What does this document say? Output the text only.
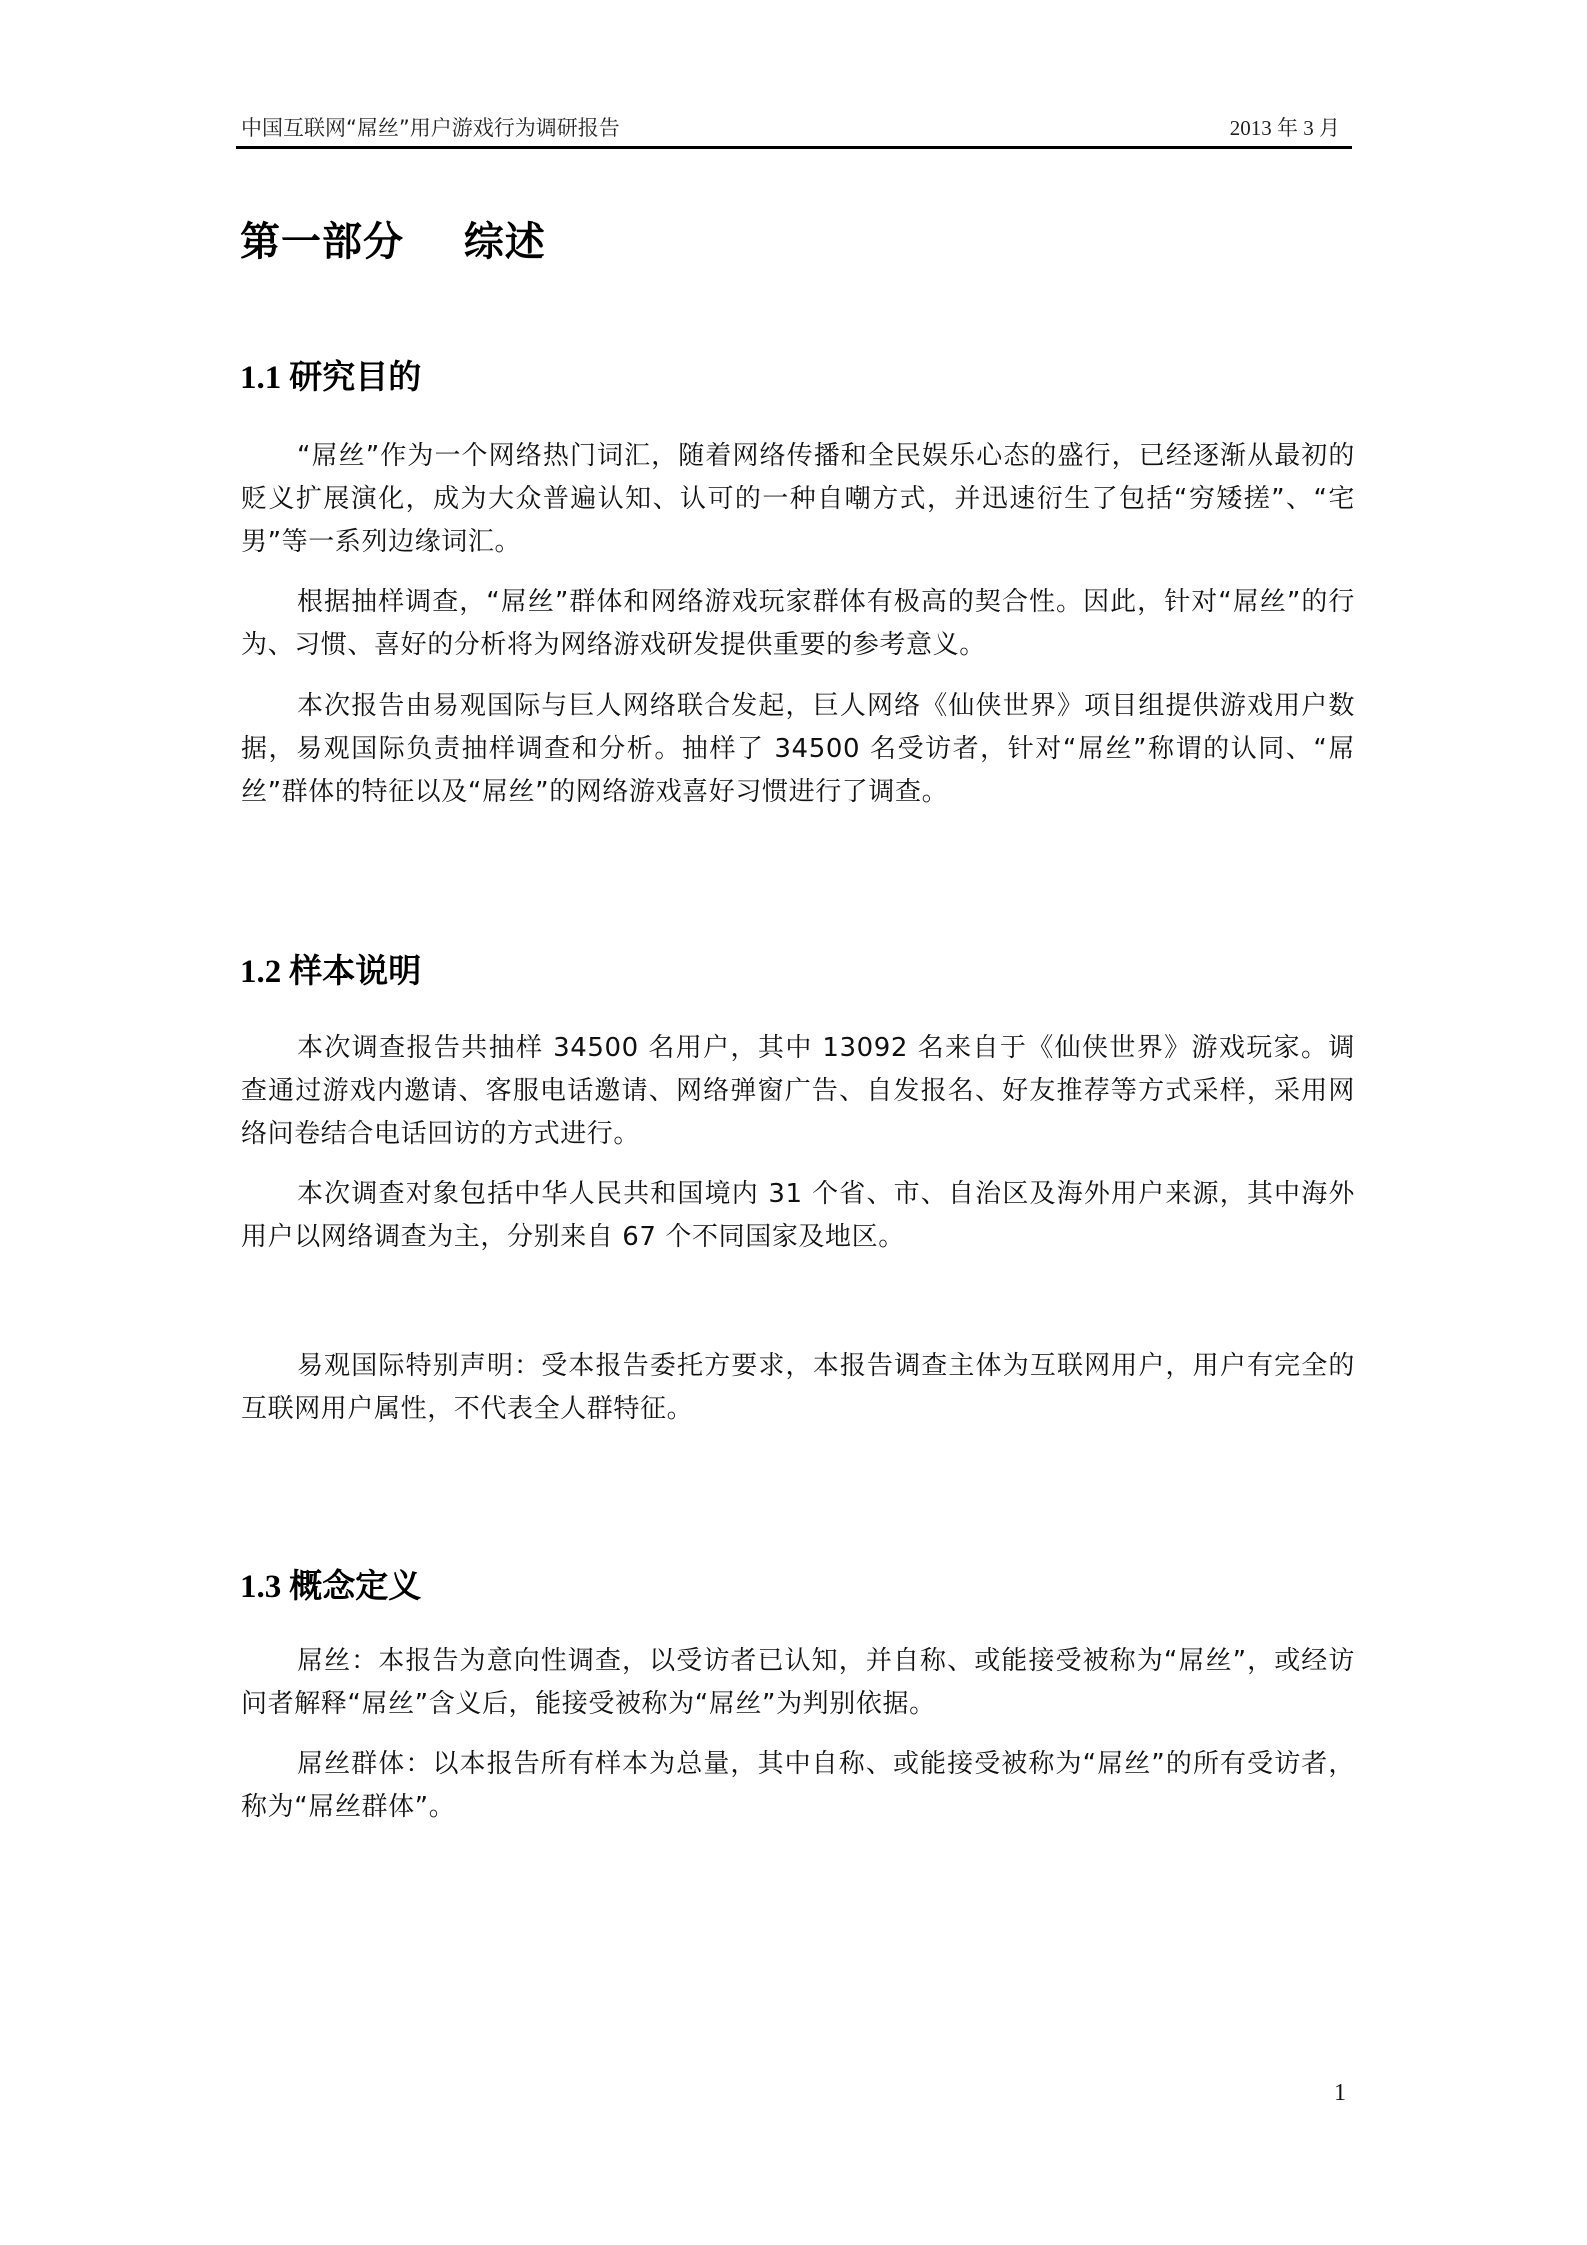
中国互联网“屌丝”用户游戏行为调研报告	2013 年 3 月
第一部分    综述
1.1 研究目的

“屌丝”作为一个网络热门词汇，随着网络传播和全民娱乐心态的盛行，已经逐渐从最初的贬义扩展演化，成为大众普遍认知、认可的一种自嘲方式，并迅速衍生了包括“穷矮搓”、“宅男”等一系列边缘词汇。

根据抽样调查，“屌丝”群体和网络游戏玩家群体有极高的契合性。因此，针对“屌丝”的行为、习惯、喜好的分析将为网络游戏研发提供重要的参考意义。

本次报告由易观国际与巨人网络联合发起，巨人网络《仙侠世界》项目组提供游戏用户数据，易观国际负责抽样调查和分析。抽样了 34500 名受访者，针对“屌丝”称谓的认同、“屌丝”群体的特征以及“屌丝”的网络游戏喜好习惯进行了调查。

1.2 样本说明

本次调查报告共抽样 34500 名用户，其中 13092 名来自于《仙侠世界》游戏玩家。调查通过游戏内邀请、客服电话邀请、网络弹窗广告、自发报名、好友推荐等方式采样，采用网络问卷结合电话回访的方式进行。

本次调查对象包括中华人民共和国境内 31 个省、市、自治区及海外用户来源，其中海外用户以网络调查为主，分别来自 67 个不同国家及地区。

易观国际特别声明：受本报告委托方要求，本报告调查主体为互联网用户，用户有完全的互联网用户属性，不代表全人群特征。

1.3 概念定义

屌丝：本报告为意向性调查，以受访者已认知，并自称、或能接受被称为“屌丝”，或经访问者解释“屌丝”含义后，能接受被称为“屌丝”为判别依据。

屌丝群体：以本报告所有样本为总量，其中自称、或能接受被称为“屌丝”的所有受访者，称为“屌丝群体”。

1
